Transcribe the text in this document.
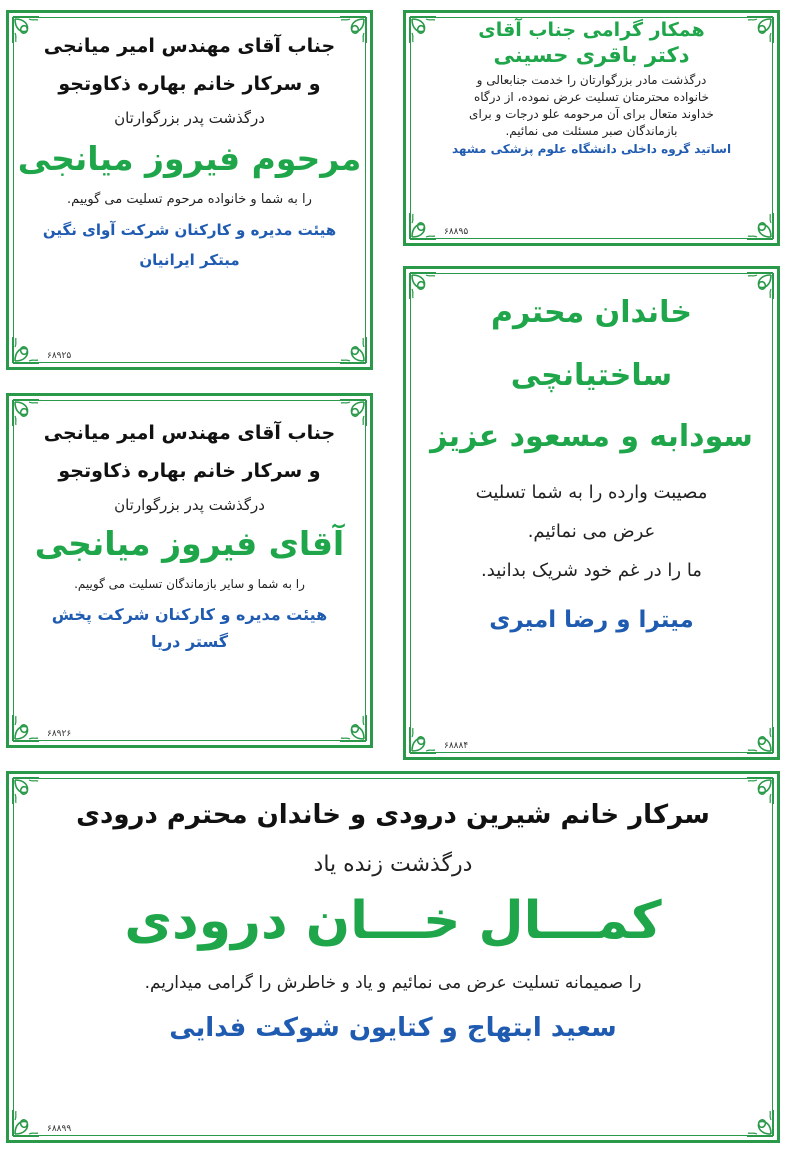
همکار گرامی جناب آقای
دکتر باقری حسینی
درگذشت مادر بزرگوارتان را خدمت جنابعالی و
خانواده محترمتان تسلیت عرض نموده، از درگاه
خداوند متعال برای آن مرحومه علو درجات و برای
بازماندگان صبر مسئلت می نمائیم.
اساتید گروه داخلی دانشگاه علوم پزشکی مشهد
۶۸۸۹۵
جناب آقای مهندس امیر میانجی
و سرکار خانم بهاره ذکاوتجو
درگذشت پدر بزرگوارتان
مرحوم فیروز میانجی
را به شما و خانواده مرحوم تسلیت می گوییم.
هیئت مدیره و کارکنان شرکت آوای نگین
مبتکر ایرانیان
۶۸۹۲۵
خاندان محترم
ساختیانچی
سودابه و مسعود عزیز
مصیبت وارده را به شما تسلیت
عرض می نمائیم.
ما را در غم خود شریک بدانید.
میترا و رضا امیری
۶۸۸۸۴
جناب آقای مهندس امیر میانجی
و سرکار خانم بهاره ذکاوتجو
درگذشت پدر بزرگوارتان
آقای فیروز میانجی
را به شما و سایر بازماندگان تسلیت می گوییم.
هیئت مدیره و کارکنان شرکت پخش
گستر دریا
۶۸۹۲۶
سرکار خانم شیرین درودی و خاندان محترم درودی
درگذشت زنده یاد
کمـــال خـــان درودی
را صمیمانه تسلیت عرض می نمائیم و یاد و خاطرش را گرامی میداریم.
سعید ابتهاج و کتایون شوکت فدایی
۶۸۸۹۹
